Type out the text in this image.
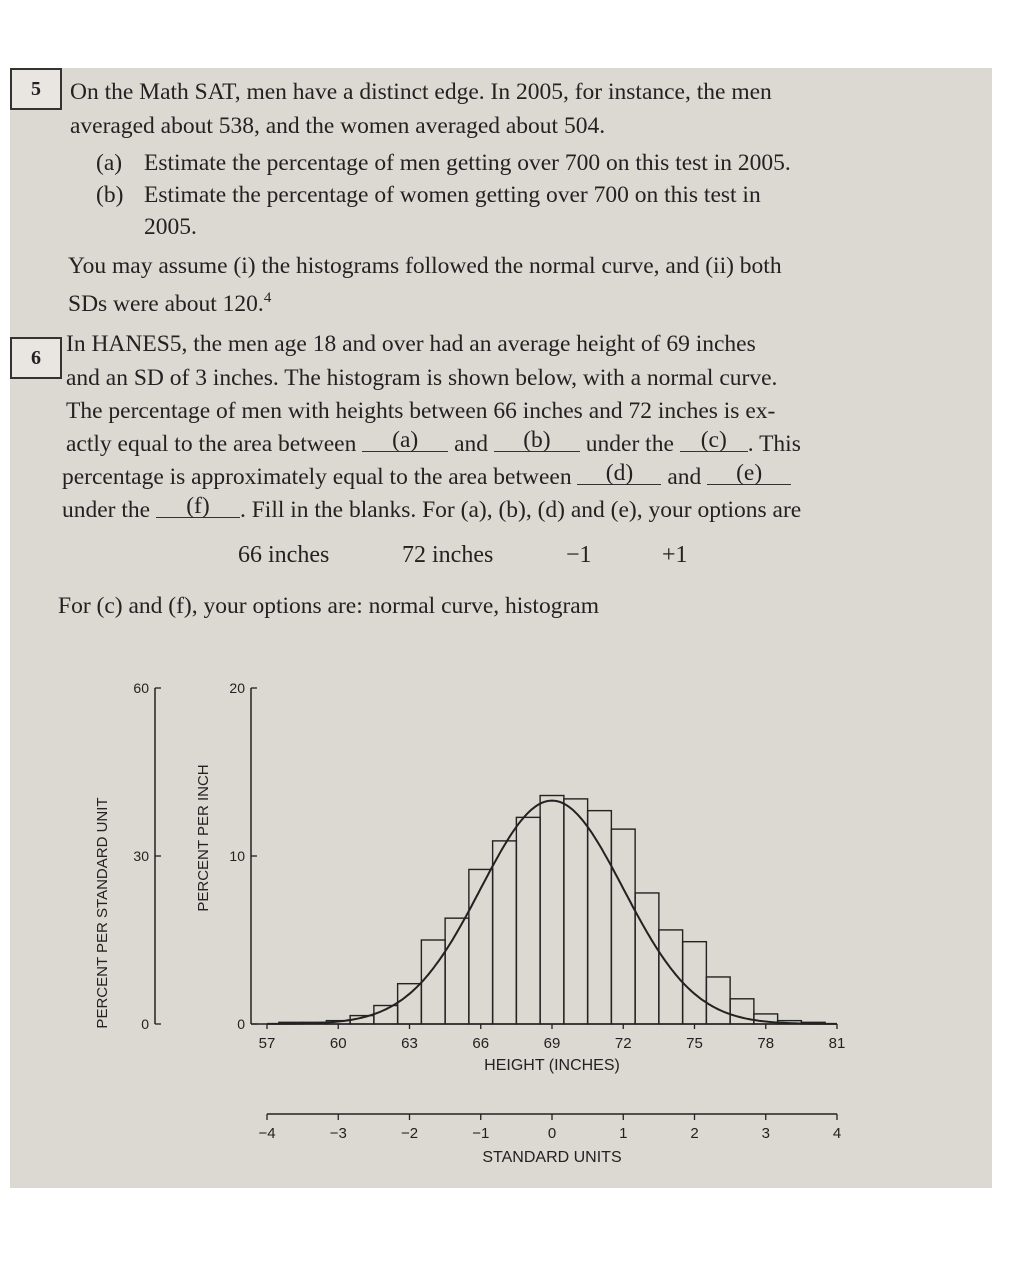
5	On the Math SAT, men have a distinct edge. In 2005, for instance, the men
averaged about 538, and the women averaged about 504.
(a) Estimate the percentage of men getting over 700 on this test in 2005.
(b) Estimate the percentage of women getting over 700 on this test in
2005.
You may assume (i) the histograms followed the normal curve, and (ii) both
SDs were about 120.$^4$
6
In HANES5, the men age 18 and over had an average height of 69 inches
and an SD of 3 inches. The histogram is shown below, with a normal curve.
The percentage of men with heights between 66 inches and 72 inches is ex-
actly equal to the area between (a) and (b) under the (c) . This
percentage is approximately equal to the area between (d) and (e)
under the (f) . Fill in the blanks. For (a), (b), (d) and (e), your options are
66 inches	72 inches	−1	+1
For (c) and (f), your options are: normal curve, histogram
0
10
20
0
30
60
57	60	63	66	69	72	75	78	81
−4	−3	−2	−1	0	1	2	3	4
PERCENT PER STANDARD UNIT	PERCENT PER INCH
HEIGHT (INCHES)
STANDARD UNITS
